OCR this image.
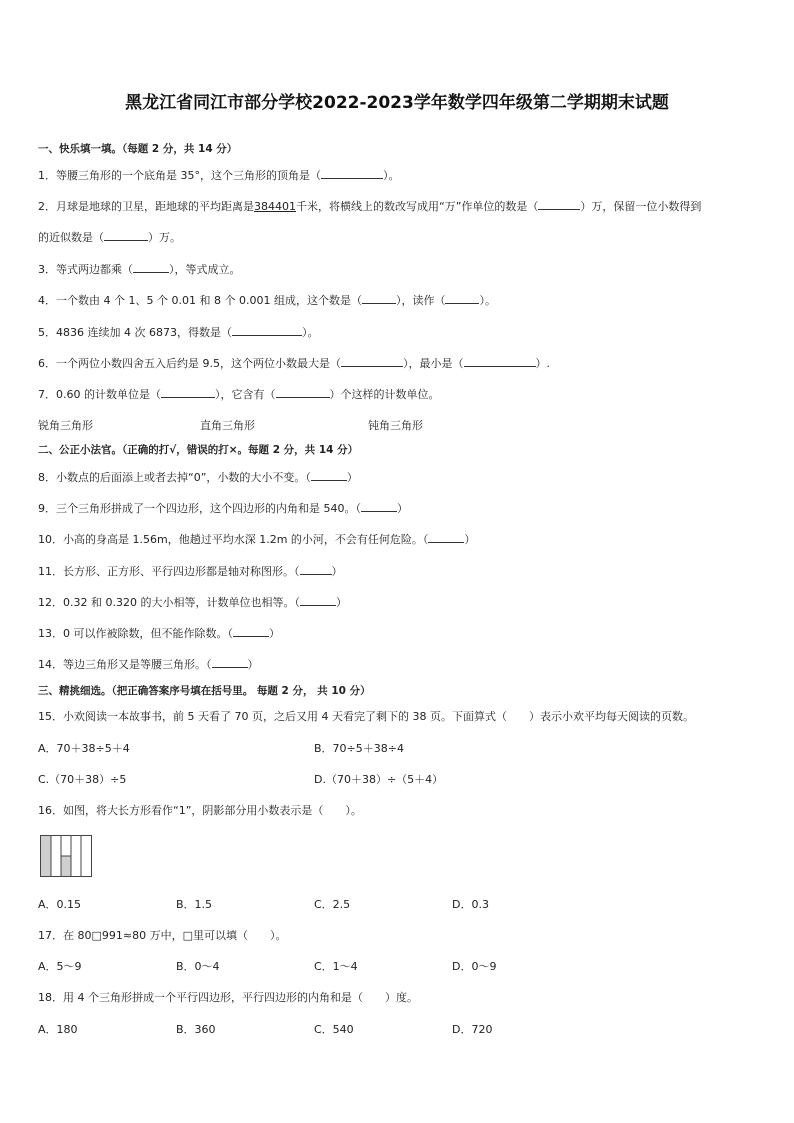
黑龙江省同江市部分学校2022-2023学年数学四年级第二学期期末试题
一、快乐填一填。（每题 2 分，共 14 分）
1．等腰三角形的一个底角是 35°，这个三角形的顶角是（	）。
2．月球是地球的卫星，距地球的平均距离是384401千米，将横线上的数改写成用“万”作单位的数是（	）万，保留一位小数得到
的近似数是（	）万。
3．等式两边都乘（	），等式成立。
4．一个数由 4 个 1、5 个 0.01 和 8 个 0.001 组成，这个数是（	），读作（	）。
5．4836 连续加 4 次 6873，得数是（	）。
6．一个两位小数四舍五入后约是 9.5，这个两位小数最大是（	），最小是（	）.
7．0.60 的计数单位是（	），它含有（	）个这样的计数单位。
锐角三角形	直角三角形	钝角三角形
二、公正小法官。（正确的打√，错误的打×。每题 2 分，共 14 分）
8．小数点的后面添上或者去掉“0”，小数的大小不变。（	）
9．三个三角形拼成了一个四边形，这个四边形的内角和是 540。（	）
10．小高的身高是 1.56m，他趟过平均水深 1.2m 的小河，不会有任何危险。（	）
11．长方形、正方形、平行四边形都是轴对称图形。（	）
12．0.32 和 0.320 的大小相等，计数单位也相等。（	）
13．0 可以作被除数，但不能作除数。（	）
14．等边三角形又是等腰三角形。（	）
三、精挑细选。（把正确答案序号填在括号里。 每题 2 分， 共 10 分）
15．小欢阅读一本故事书，前 5 天看了 70 页，之后又用 4 天看完了剩下的 38 页。下面算式（　　）表示小欢平均每天阅读的页数。
A．70＋38÷5＋4	B．70÷5＋38÷4
C.（70＋38）÷5	D.（70＋38）÷（5＋4）
16．如图，将大长方形看作“1”，阴影部分用小数表示是（　　）。
A．0.15	B．1.5	C．2.5	D．0.3
17．在 80□991≈80 万中，□里可以填（　　）。
A．5～9	B．0～4	C．1～4	D．0～9
18．用 4 个三角形拼成一个平行四边形，平行四边形的内角和是（　　）度。
A．180	B．360	C．540	D．720
